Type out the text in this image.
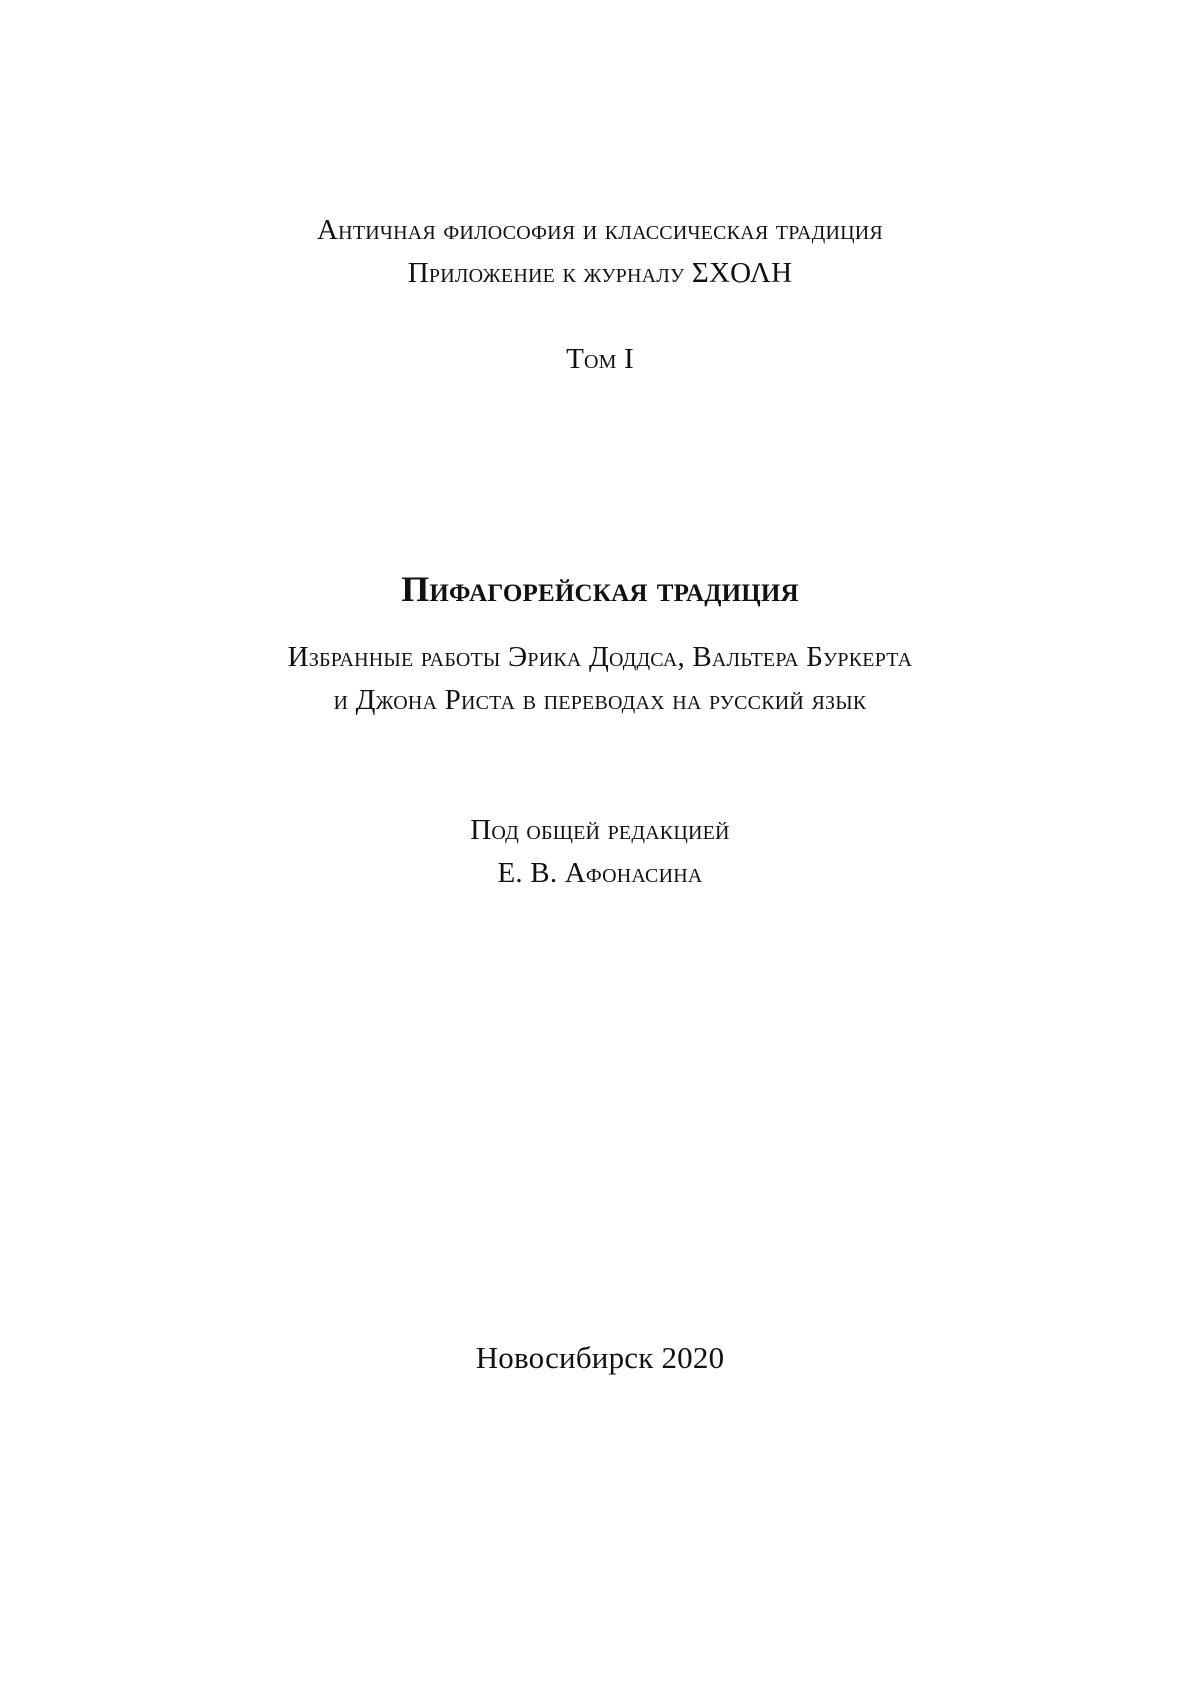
Античная философия и классическая традиция
Приложение к журналу ΣΧΟΛΗ
Том I
Пифагорейская традиция
Избранные работы Эрика Доддса, Вальтера Буркерта
и Джона Риста в переводах на русский язык
Под общей редакцией
Е. В. Афонасина
Новосибирск 2020
